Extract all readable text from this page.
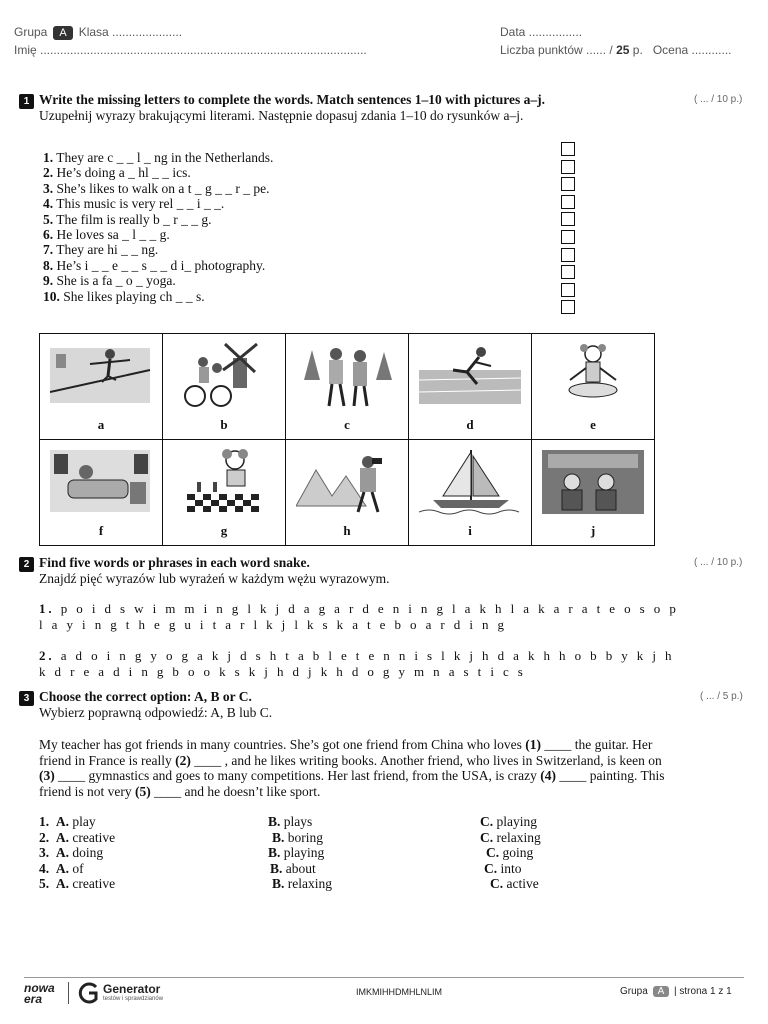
Grupa A Klasa .....................
Imię ..................................................................................................
Data ................
Liczba punktów ...... / 25 p. Ocena ............
1 Write the missing letters to complete the words. Match sentences 1–10 with pictures a–j.	( ... / 10 p.)
Uzupełnij wyrazy brakującymi literami. Następnie dopasuj zdania 1–10 do rysunków a–j.
1. They are c _ _ l _ ng in the Netherlands.
2. He’s doing a _ hl _ _ ics.
3. She’s likes to walk on a t _ g _ _ r _ pe.
4. This music is very rel _ _ i _ _.
5. The film is really b _ r _ _ g.
6. He loves sa _ l _ _ g.
7. They are hi _ _ ng.
8. He’s i _ _ e _ _ s _ _ d i_ photography.
9. She is a fa _ o _ yoga.
10. She likes playing ch _ _ s.
a	b	c	d	e

f	g	h	i	j
2 Find five words or phrases in each word snake.	( ... / 10 p.)
Znajdź pięć wyrazów lub wyrażeń w każdym wężu wyrazowym.
1. p o i d s w i m m i n g l k j d a g a r d e n i n g l a k h l a k a r a t e o s o p l a y i n g t h e g u i t a r l k j l k s k a t e b o a r d i n g
2. a d o i n g y o g a k j d s h t a b l e t e n n i s l k j h d a k h h o b b y k j h k d r e a d i n g b o o k s k j h d j k h d o g y m n a s t i c s
3 Choose the correct option: A, B or C.	( ... / 5 p.)
Wybierz poprawną odpowiedź: A, B lub C.
My teacher has got friends in many countries. She’s got one friend from China who loves (1) ____ the guitar. Her friend in France is really (2) ____ , and he likes writing books. Another friend, who lives in Switzerland, is keen on (3) ____ gymnastics and goes to many competitions. Her last friend, from the USA, is crazy (4) ____ painting. This friend is not very (5) ____ and he doesn’t like sport.
1. A. play	B. plays	C. playing
2. A. creative	B. boring	C. relaxing
3. A. doing	B. playing	C. going
4. A. of	B. about	C. into
5. A. creative	B. relaxing	C. active
nowa era
Generator
testów i sprawdzianów
IMKMIHHDMHLNLIM	Grupa A | strona 1 z 1
